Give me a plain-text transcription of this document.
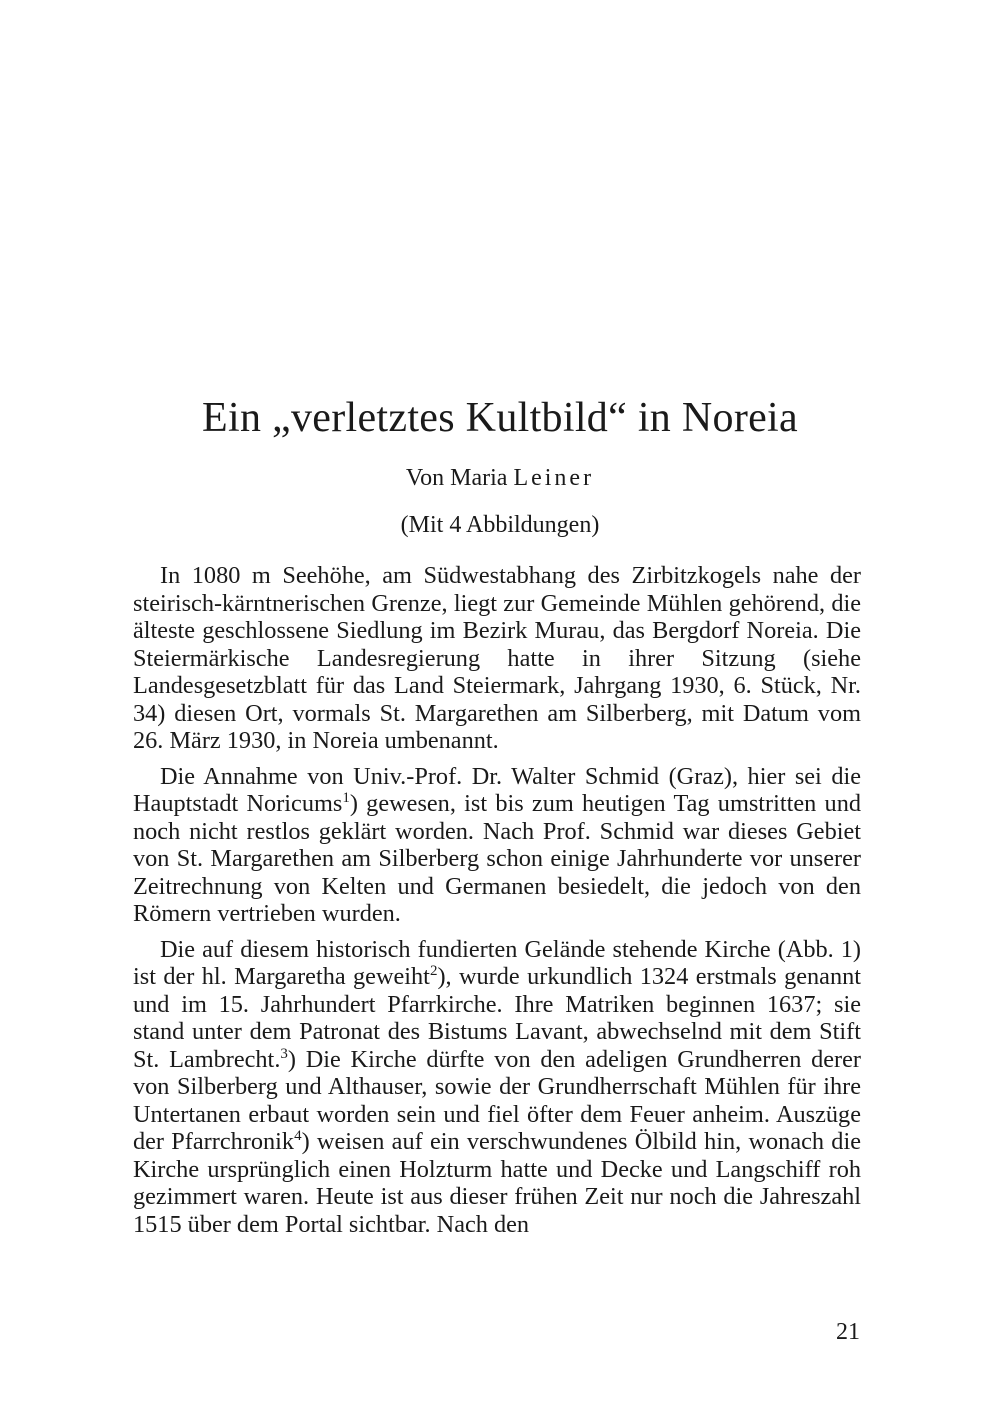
Ein „verletztes Kultbild“ in Noreia
Von Maria Leiner
(Mit 4 Abbildungen)

In 1080 m Seehöhe, am Südwestabhang des Zirbitzkogels nahe der steirisch-kärntnerischen Grenze, liegt zur Gemeinde Mühlen gehörend, die älteste geschlossene Siedlung im Bezirk Murau, das Bergdorf Noreia. Die Steiermärkische Landesregierung hatte in ihrer Sitzung (siehe Landesgesetzblatt für das Land Steiermark, Jahrgang 1930, 6. Stück, Nr. 34) diesen Ort, vormals St. Margarethen am Silberberg, mit Datum vom 26. März 1930, in Noreia umbenannt.

Die Annahme von Univ.-Prof. Dr. Walter Schmid (Graz), hier sei die Hauptstadt Noricums$^1$) gewesen, ist bis zum heutigen Tag umstritten und noch nicht restlos geklärt worden. Nach Prof. Schmid war dieses Gebiet von St. Margarethen am Silberberg schon einige Jahrhunderte vor unserer Zeitrechnung von Kelten und Germanen besiedelt, die jedoch von den Römern vertrieben wurden.

Die auf diesem historisch fundierten Gelände stehende Kirche (Abb. 1) ist der hl. Margaretha geweiht$^2$), wurde urkundlich 1324 erstmals genannt und im 15. Jahrhundert Pfarrkirche. Ihre Matriken beginnen 1637; sie stand unter dem Patronat des Bistums Lavant, abwechselnd mit dem Stift St. Lambrecht.$^3$) Die Kirche dürfte von den adeligen Grundherren derer von Silberberg und Althauser, sowie der Grundherrschaft Mühlen für ihre Untertanen erbaut worden sein und fiel öfter dem Feuer anheim. Auszüge der Pfarrchronik$^4$) weisen auf ein verschwundenes Ölbild hin, wonach die Kirche ursprünglich einen Holzturm hatte und Decke und Langschiff roh gezimmert waren. Heute ist aus dieser frühen Zeit nur noch die Jahreszahl 1515 über dem Portal sichtbar. Nach den

21
